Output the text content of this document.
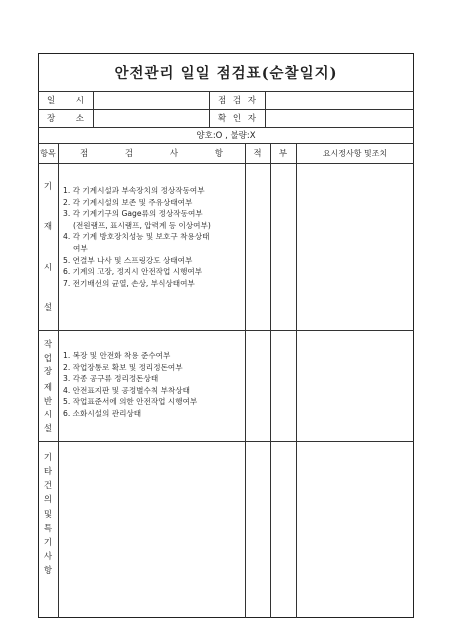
안전관리 일일 점검표(순찰일지)
일 시	점 검 자
장 소	확 인 자
양호:O , 불량:X
항목	점	검	사	항	적	부	요시정사항 및조치
기
재
시
설
1. 각 기계시설과 부속장치의 정상작동여부
2. 각 기계시설의 보존 및 주유상태여부
3. 각 기계기구의 Gage류의 정상작동여부
(전원램프, 표시램프, 압력계 등 이상여부)
4. 각 기계 방호장치성능 및 보호구 착용상태
여부
5. 연결부 나사 및 스프링강도 상태여부
6. 기계의 고장, 정지시 안전작업 시행여부
7. 전기배선의 균열, 손상, 부식상태여부
작
업
장
제
반
시
설
1. 복장 및 안전화 착용 준수여부
2. 작업장통로 확보 및 정리정돈여부
3. 각종 공구류 정리정돈상태
4. 안전표지판 및 공정별수칙 부착상태
5. 작업표준서에 의한 안전작업 시행여부
6. 소화시설의 관리상태
기
타
건
의
및
특
기
사
항
